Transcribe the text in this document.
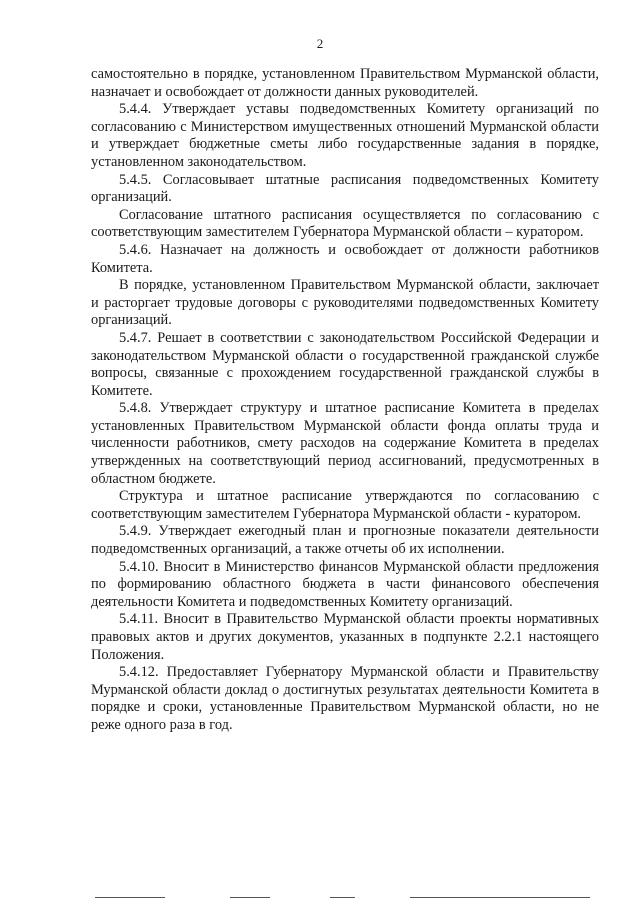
2

самостоятельно в порядке, установленном Правительством Мурманской области, назначает и освобождает от должности данных руководителей.

5.4.4. Утверждает уставы подведомственных Комитету организаций по согласованию с Министерством имущественных отношений Мурманской области и утверждает бюджетные сметы либо государственные задания в порядке, установленном законодательством.

5.4.5. Согласовывает штатные расписания подведомственных Комитету организаций.

Согласование штатного расписания осуществляется по согласованию с соответствующим заместителем Губернатора Мурманской области – куратором.

5.4.6. Назначает на должность и освобождает от должности работников Комитета.

В порядке, установленном Правительством Мурманской области, заключает и расторгает трудовые договоры с руководителями подведомственных Комитету организаций.

5.4.7. Решает в соответствии с законодательством Российской Федерации и законодательством Мурманской области о государственной гражданской службе вопросы, связанные с прохождением государственной гражданской службы в Комитете.

5.4.8. Утверждает структуру и штатное расписание Комитета в пределах установленных Правительством Мурманской области фонда оплаты труда и численности работников, смету расходов на содержание Комитета в пределах утвержденных на соответствующий период ассигнований, предусмотренных в областном бюджете.

Структура и штатное расписание утверждаются по согласованию с соответствующим заместителем Губернатора Мурманской области - куратором.

5.4.9. Утверждает ежегодный план и прогнозные показатели деятельности подведомственных организаций, а также отчеты об их исполнении.

5.4.10. Вносит в Министерство финансов Мурманской области предложения по формированию областного бюджета в части финансового обеспечения деятельности Комитета и подведомственных Комитету организаций.

5.4.11. Вносит в Правительство Мурманской области проекты нормативных правовых актов и других документов, указанных в подпункте 2.2.1 настоящего Положения.

5.4.12. Предоставляет Губернатору Мурманской области и Правительству Мурманской области доклад о достигнутых результатах деятельности Комитета в порядке и сроки, установленные Правительством Мурманской области, но не реже одного раза в год.
